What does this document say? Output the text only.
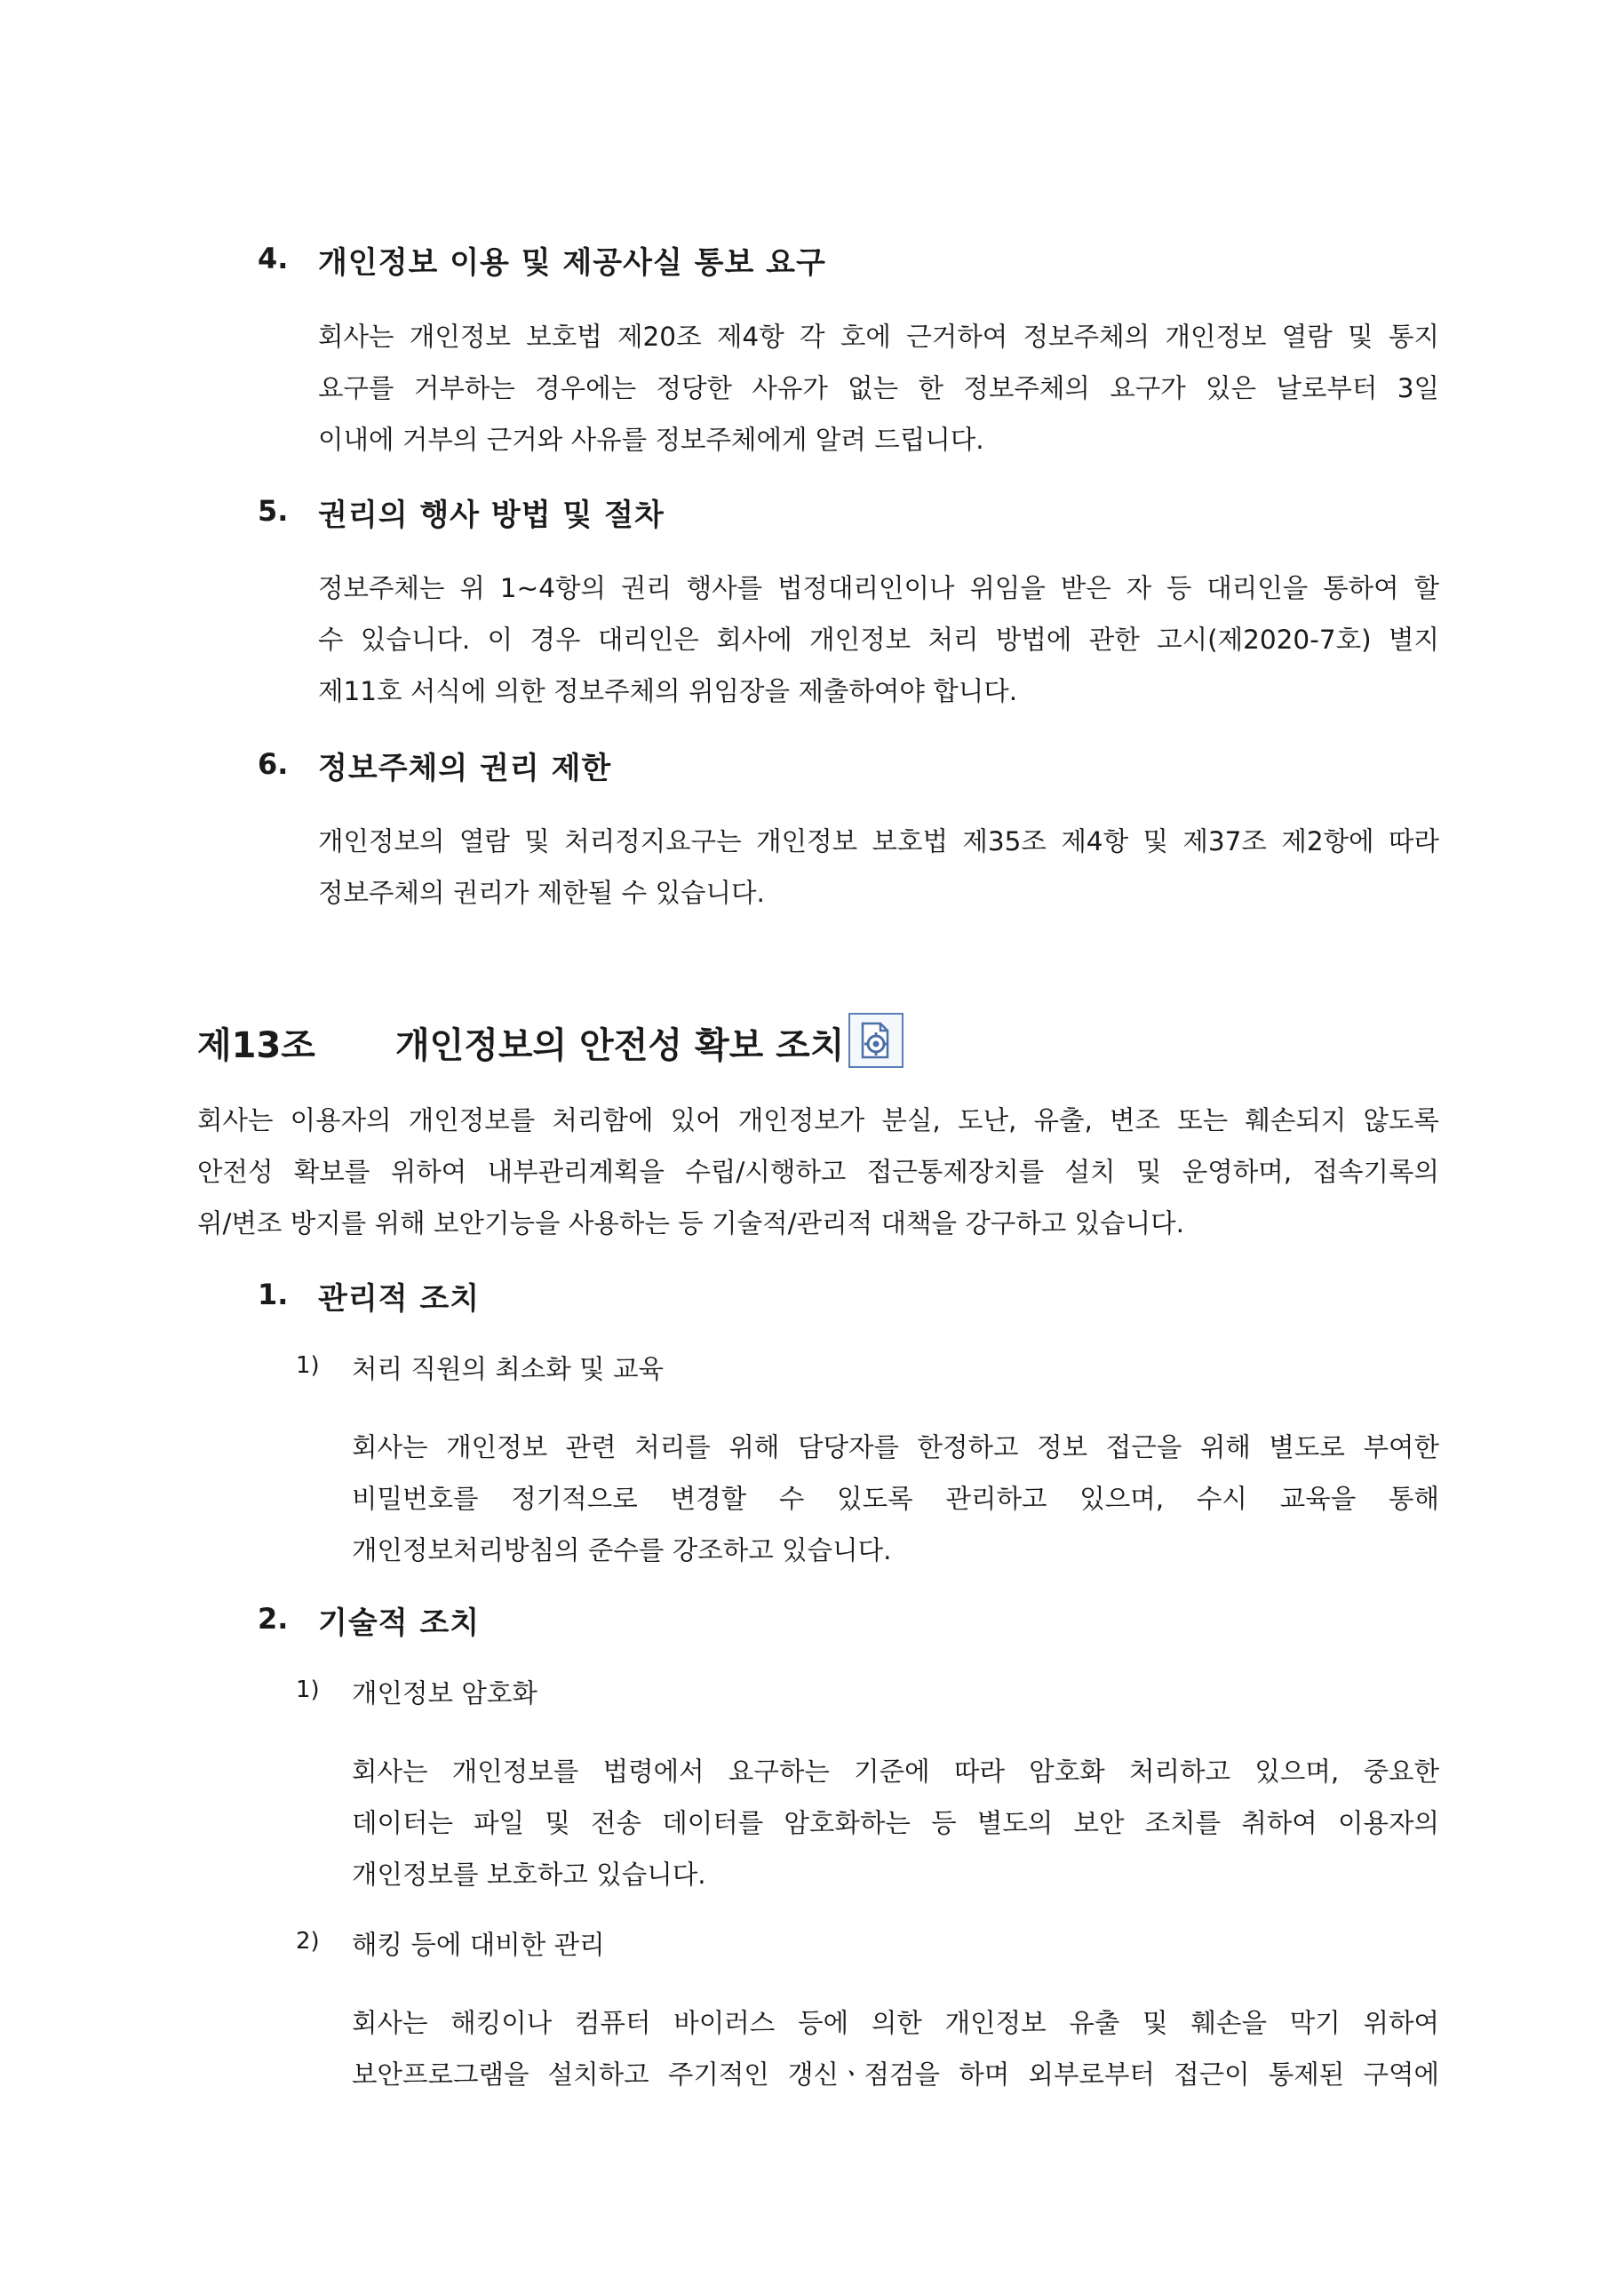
4. 개인정보 이용 및 제공사실 통보 요구
회사는 개인정보 보호법 제20조 제4항 각 호에 근거하여 정보주체의 개인정보 열람 및 통지
요구를 거부하는 경우에는 정당한 사유가 없는 한 정보주체의 요구가 있은 날로부터 3일
이내에 거부의 근거와 사유를 정보주체에게 알려 드립니다.
5. 권리의 행사 방법 및 절차
정보주체는 위 1~4항의 권리 행사를 법정대리인이나 위임을 받은 자 등 대리인을 통하여 할
수 있습니다. 이 경우 대리인은 회사에 개인정보 처리 방법에 관한 고시(제2020-7호) 별지
제11호 서식에 의한 정보주체의 위임장을 제출하여야 합니다.
6. 정보주체의 권리 제한
개인정보의 열람 및 처리정지요구는 개인정보 보호법 제35조 제4항 및 제37조 제2항에 따라
정보주체의 권리가 제한될 수 있습니다.
제13조 개인정보의 안전성 확보 조치
회사는 이용자의 개인정보를 처리함에 있어 개인정보가 분실, 도난, 유출, 변조 또는 훼손되지 않도록
안전성 확보를 위하여 내부관리계획을 수립/시행하고 접근통제장치를 설치 및 운영하며, 접속기록의
위/변조 방지를 위해 보안기능을 사용하는 등 기술적/관리적 대책을 강구하고 있습니다.
1. 관리적 조치
1) 처리 직원의 최소화 및 교육
회사는 개인정보 관련 처리를 위해 담당자를 한정하고 정보 접근을 위해 별도로 부여한
비밀번호를 정기적으로 변경할 수 있도록 관리하고 있으며, 수시 교육을 통해
개인정보처리방침의 준수를 강조하고 있습니다.
2. 기술적 조치
1) 개인정보 암호화
회사는 개인정보를 법령에서 요구하는 기준에 따라 암호화 처리하고 있으며, 중요한
데이터는 파일 및 전송 데이터를 암호화하는 등 별도의 보안 조치를 취하여 이용자의
개인정보를 보호하고 있습니다.
2) 해킹 등에 대비한 관리
회사는 해킹이나 컴퓨터 바이러스 등에 의한 개인정보 유출 및 훼손을 막기 위하여
보안프로그램을 설치하고 주기적인 갱신ㆍ점검을 하며 외부로부터 접근이 통제된 구역에
